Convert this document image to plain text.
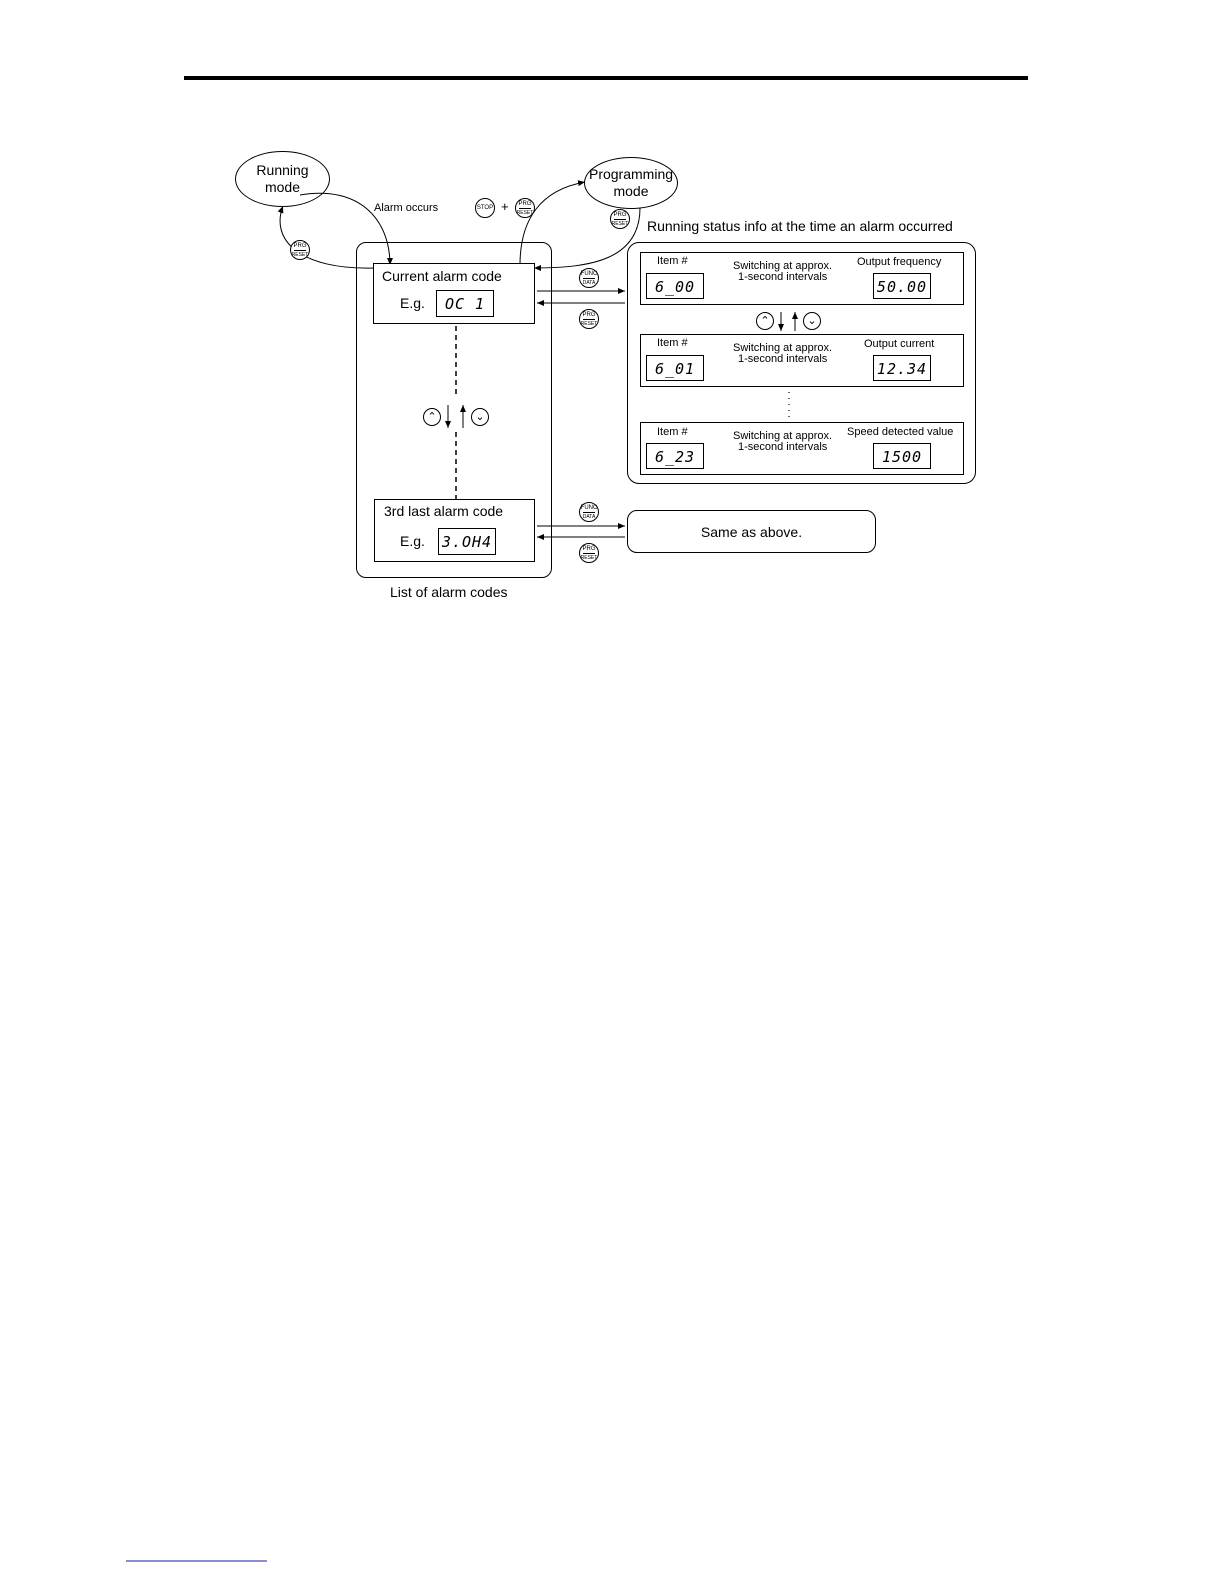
Running
mode
Programming
mode
Alarm occurs	STOP + PRG
RESET	PRG
RESET
PRG
RESET
Current alarm code
E.g.	OC 1
FUNC
DATA
PRG
RESET
⌃	⌄
3rd last alarm code
E.g. 3.OH4
FUNC
DATA
PRG
RESET
List of alarm codes
Running status info at the time an alarm occurred
Item #	Switching at approx.
1-second intervals
Output frequency
6_00	50.00
⌃	⌄
Item #	Switching at approx.
1-second intervals
Output current
6_01	12.34
Item #	Switching at approx.
1-second intervals
Speed detected value
6_23	1500
Same as above.
